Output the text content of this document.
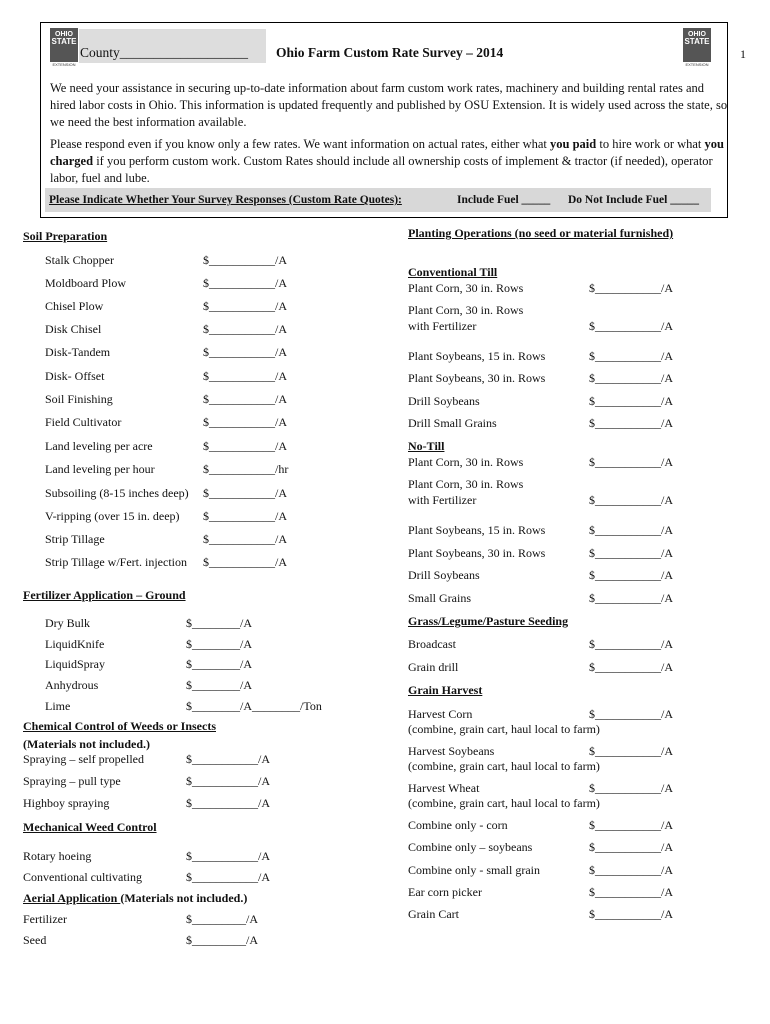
OHIO
STATE
EXTENSION
OHIO
STATE
EXTENSION
County___________________ Ohio Farm Custom Rate Survey – 2014	1
We need your assistance in securing up-to-date information about farm custom work rates, machinery and building rental rates and hired labor costs in Ohio. This information is updated frequently and published by OSU Extension. It is widely used across the state, so we need the best information available.
Please respond even if you know only a few rates. We want information on actual rates, either what you paid to hire work or what you charged if you perform custom work. Custom Rates should include all ownership costs of implement & tractor (if needed), operator labor, fuel and lube.
Please Indicate Whether Your Survey Responses (Custom Rate Quotes):	Include Fuel _____ Do Not Include Fuel _____
Soil Preparation
Stalk Chopper	$___________/A
Moldboard Plow	$___________/A
Chisel Plow	$___________/A
Disk Chisel	$___________/A
Disk-Tandem	$___________/A
Disk- Offset	$___________/A
Soil Finishing	$___________/A
Field Cultivator	$___________/A
Land leveling per acre	$___________/A
Land leveling per hour	$___________/hr
Subsoiling (8-15 inches deep) $___________/A
V-ripping (over 15 in. deep) $___________/A
Strip Tillage	$___________/A
Strip Tillage w/Fert. injection $___________/A
Fertilizer Application – Ground
Dry Bulk	$________/A
LiquidKnife	$________/A
LiquidSpray	$________/A
Anhydrous	$________/A
Lime	$________/A________/Ton
Chemical Control of Weeds or Insects
(Materials not included.)
Spraying – self propelled	$___________/A
Spraying – pull type	$___________/A
Highboy spraying	$___________/A
Mechanical Weed Control
Rotary hoeing	$___________/A
Conventional cultivating	$___________/A
Aerial Application (Materials not included.)
Fertilizer	$_________/A
Seed	$_________/A
Planting Operations (no seed or material furnished)
Conventional Till
Plant Corn, 30 in. Rows	$___________/A
Plant Corn, 30 in. Rows
with Fertilizer	$___________/A
Plant Soybeans, 15 in. Rows	$___________/A
Plant Soybeans, 30 in. Rows	$___________/A
Drill Soybeans	$___________/A
Drill Small Grains	$___________/A
No-Till
Plant Corn, 30 in. Rows	$___________/A
Plant Corn, 30 in. Rows
with Fertilizer	$___________/A
Plant Soybeans, 15 in. Rows	$___________/A
Plant Soybeans, 30 in. Rows	$___________/A
Drill Soybeans	$___________/A
Small Grains	$___________/A
Grass/Legume/Pasture Seeding
Broadcast	$___________/A
Grain drill	$___________/A
Grain Harvest
Harvest Corn	$___________/A
(combine, grain cart, haul local to farm)
Harvest Soybeans	$___________/A
(combine, grain cart, haul local to farm)
Harvest Wheat	$___________/A
(combine, grain cart, haul local to farm)
Combine only - corn	$___________/A
Combine only – soybeans	$___________/A
Combine only - small grain	$___________/A
Ear corn picker	$___________/A
Grain Cart	$___________/A
